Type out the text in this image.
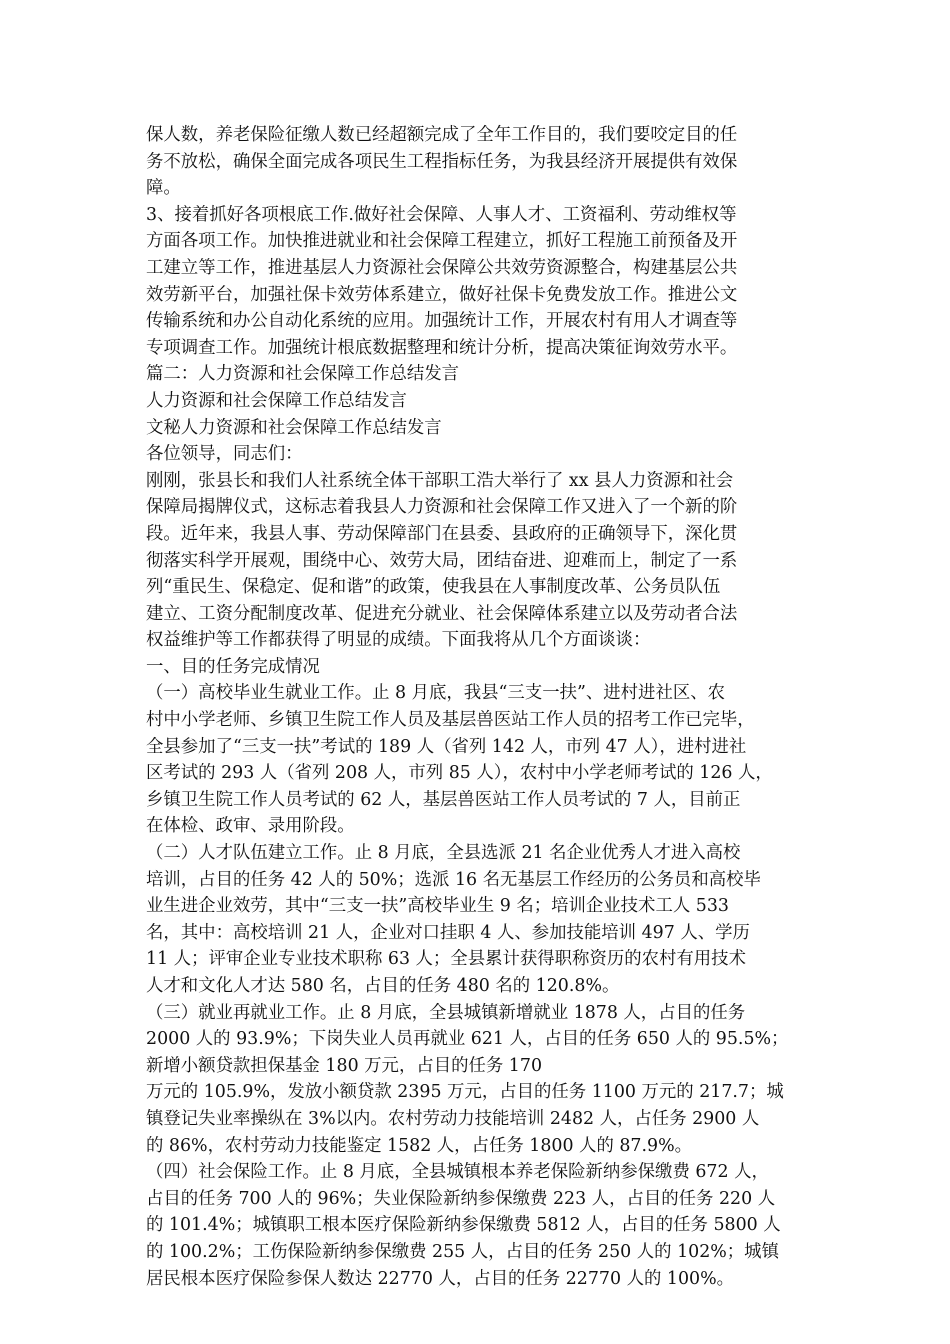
保人数，养老保险征缴人数已经超额完成了全年工作目的，我们要咬定目的任
务不放松，确保全面完成各项民生工程指标任务，为我县经济开展提供有效保
障。
3、接着抓好各项根底工作.做好社会保障、人事人才、工资福利、劳动维权等
方面各项工作。加快推进就业和社会保障工程建立，抓好工程施工前预备及开
工建立等工作，推进基层人力资源社会保障公共效劳资源整合，构建基层公共
效劳新平台，加强社保卡效劳体系建立，做好社保卡免费发放工作。推进公文
传输系统和办公自动化系统的应用。加强统计工作，开展农村有用人才调查等
专项调查工作。加强统计根底数据整理和统计分析，提高决策征询效劳水平。
篇二：人力资源和社会保障工作总结发言
人力资源和社会保障工作总结发言
文秘人力资源和社会保障工作总结发言
各位领导，同志们：
刚刚，张县长和我们人社系统全体干部职工浩大举行了 xx 县人力资源和社会
保障局揭牌仪式，这标志着我县人力资源和社会保障工作又进入了一个新的阶
段。近年来，我县人事、劳动保障部门在县委、县政府的正确领导下，深化贯
彻落实科学开展观，围绕中心、效劳大局，团结奋进、迎难而上，制定了一系
列“重民生、保稳定、促和谐”的政策，使我县在人事制度改革、公务员队伍
建立、工资分配制度改革、促进充分就业、社会保障体系建立以及劳动者合法
权益维护等工作都获得了明显的成绩。下面我将从几个方面谈谈：
一、目的任务完成情况
（一）高校毕业生就业工作。止 8 月底，我县“三支一扶”、进村进社区、农
村中小学老师、乡镇卫生院工作人员及基层兽医站工作人员的招考工作已完毕，
全县参加了“三支一扶”考试的 189 人（省列 142 人，市列 47 人），进村进社
区考试的 293 人（省列 208 人，市列 85 人），农村中小学老师考试的 126 人，
乡镇卫生院工作人员考试的 62 人，基层兽医站工作人员考试的 7 人，目前正
在体检、政审、录用阶段。
（二）人才队伍建立工作。止 8 月底，全县选派 21 名企业优秀人才进入高校
培训，占目的任务 42 人的 50%；选派 16 名无基层工作经历的公务员和高校毕
业生进企业效劳，其中“三支一扶”高校毕业生 9 名；培训企业技术工人 533
名，其中：高校培训 21 人，企业对口挂职 4 人、参加技能培训 497 人、学历
11 人；评审企业专业技术职称 63 人；全县累计获得职称资历的农村有用技术
人才和文化人才达 580 名，占目的任务 480 名的 120.8%。
（三）就业再就业工作。止 8 月底，全县城镇新增就业 1878 人，占目的任务
2000 人的 93.9%；下岗失业人员再就业 621 人，占目的任务 650 人的 95.5%；
新增小额贷款担保基金 180 万元，占目的任务 170
万元的 105.9%，发放小额贷款 2395 万元，占目的任务 1100 万元的 217.7；城
镇登记失业率操纵在 3%以内。农村劳动力技能培训 2482 人，占任务 2900 人
的 86%，农村劳动力技能鉴定 1582 人，占任务 1800 人的 87.9%。
（四）社会保险工作。止 8 月底，全县城镇根本养老保险新纳参保缴费 672 人，
占目的任务 700 人的 96%；失业保险新纳参保缴费 223 人，占目的任务 220 人
的 101.4%；城镇职工根本医疗保险新纳参保缴费 5812 人，占目的任务 5800 人
的 100.2%；工伤保险新纳参保缴费 255 人，占目的任务 250 人的 102%；城镇
居民根本医疗保险参保人数达 22770 人，占目的任务 22770 人的 100%。
